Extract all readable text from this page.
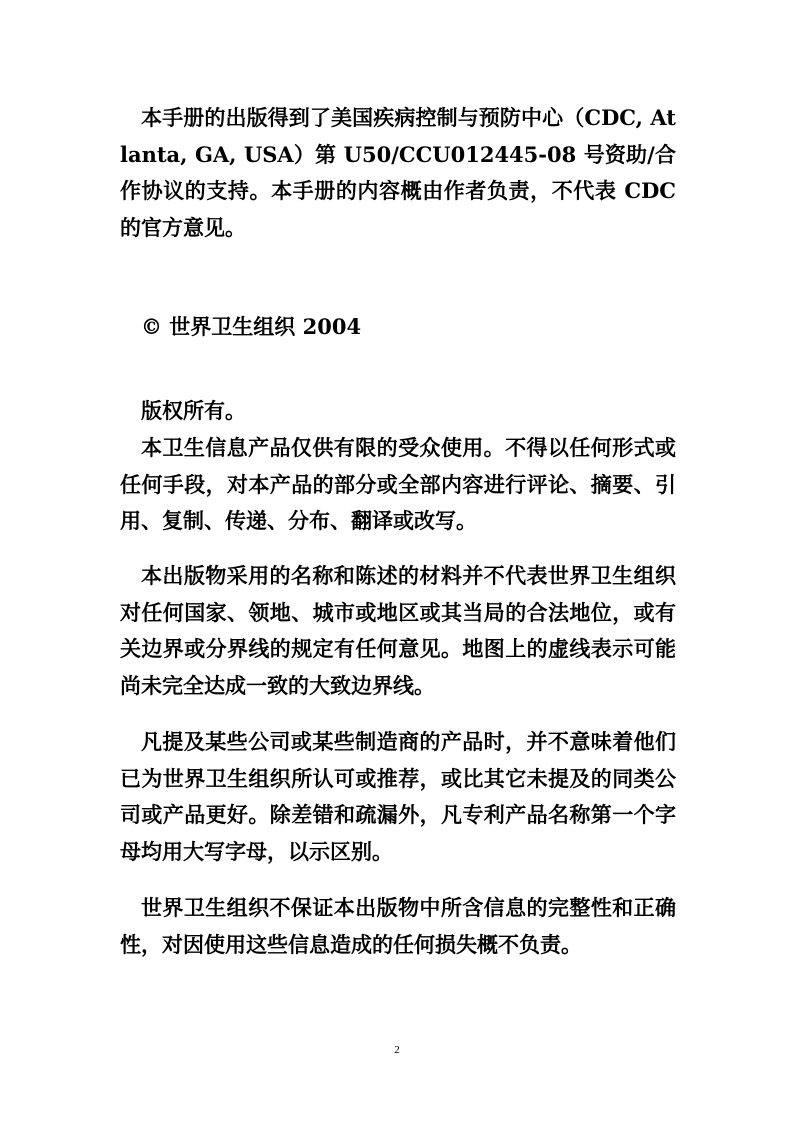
本手册的出版得到了美国疾病控制与预防中心（CDC, Atlanta, GA, USA）第 U50/CCU012445-08 号资助/合作协议的支持。本手册的内容概由作者负责，不代表 CDC 的官方意见。

© 世界卫生组织 2004

版权所有。

本卫生信息产品仅供有限的受众使用。不得以任何形式或任何手段，对本产品的部分或全部内容进行评论、摘要、引用、复制、传递、分布、翻译或改写。

本出版物采用的名称和陈述的材料并不代表世界卫生组织对任何国家、领地、城市或地区或其当局的合法地位，或有关边界或分界线的规定有任何意见。地图上的虚线表示可能尚未完全达成一致的大致边界线。

凡提及某些公司或某些制造商的产品时，并不意味着他们已为世界卫生组织所认可或推荐，或比其它未提及的同类公司或产品更好。除差错和疏漏外，凡专利产品名称第一个字母均用大写字母，以示区别。

世界卫生组织不保证本出版物中所含信息的完整性和正确性，对因使用这些信息造成的任何损失概不负责。

2
